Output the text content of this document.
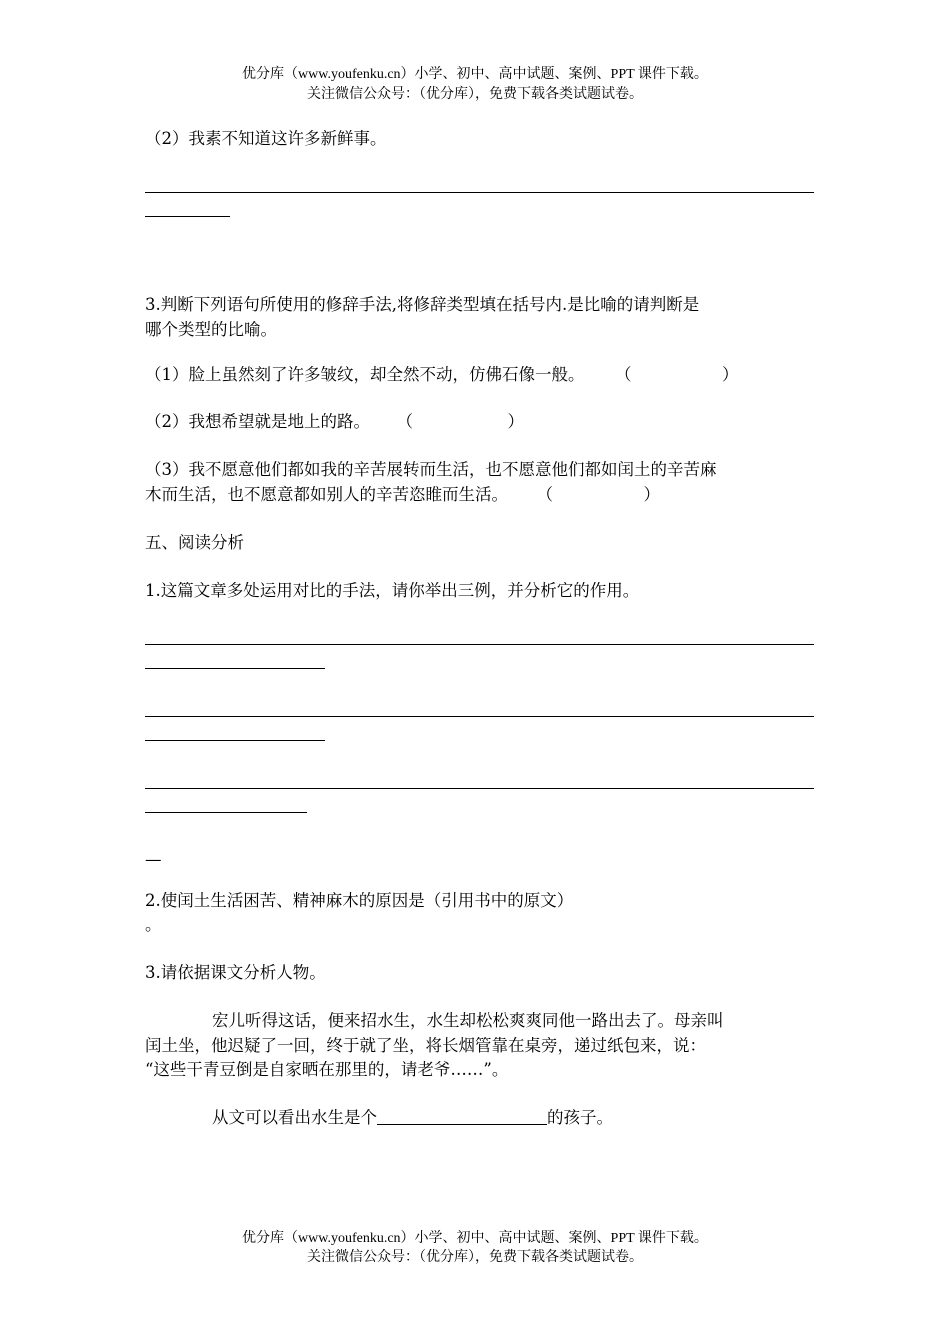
优分库（www.youfenku.cn）小学、初中、高中试题、案例、PPT 课件下载。
关注微信公众号：（优分库），免费下载各类试题试卷。
（2）我素不知道这许多新鲜事。
3.判断下列语句所使用的修辞手法,将修辞类型填在括号内.是比喻的请判断是
哪个类型的比喻。
（1）脸上虽然刻了许多皱纹，却全然不动，仿佛石像一般。 （	）
（2）我想希望就是地上的路。 （	）
（3）我不愿意他们都如我的辛苦展转而生活，也不愿意他们都如闰土的辛苦麻
木而生活，也不愿意都如别人的辛苦恣睢而生活。 （	）
五、阅读分析
1.这篇文章多处运用对比的手法，请你举出三例，并分析它的作用。
—
2.使闰土生活困苦、精神麻木的原因是（引用书中的原文）
。
3.请依据课文分析人物。
宏儿听得这话，便来招水生，水生却松松爽爽同他一路出去了。母亲叫
闰土坐，他迟疑了一回，终于就了坐，将长烟管靠在桌旁，递过纸包来，说：
“这些干青豆倒是自家晒在那里的，请老爷……”。
从文可以看出水生是个	的孩子。
优分库（www.youfenku.cn）小学、初中、高中试题、案例、PPT 课件下载。
关注微信公众号：（优分库），免费下载各类试题试卷。
